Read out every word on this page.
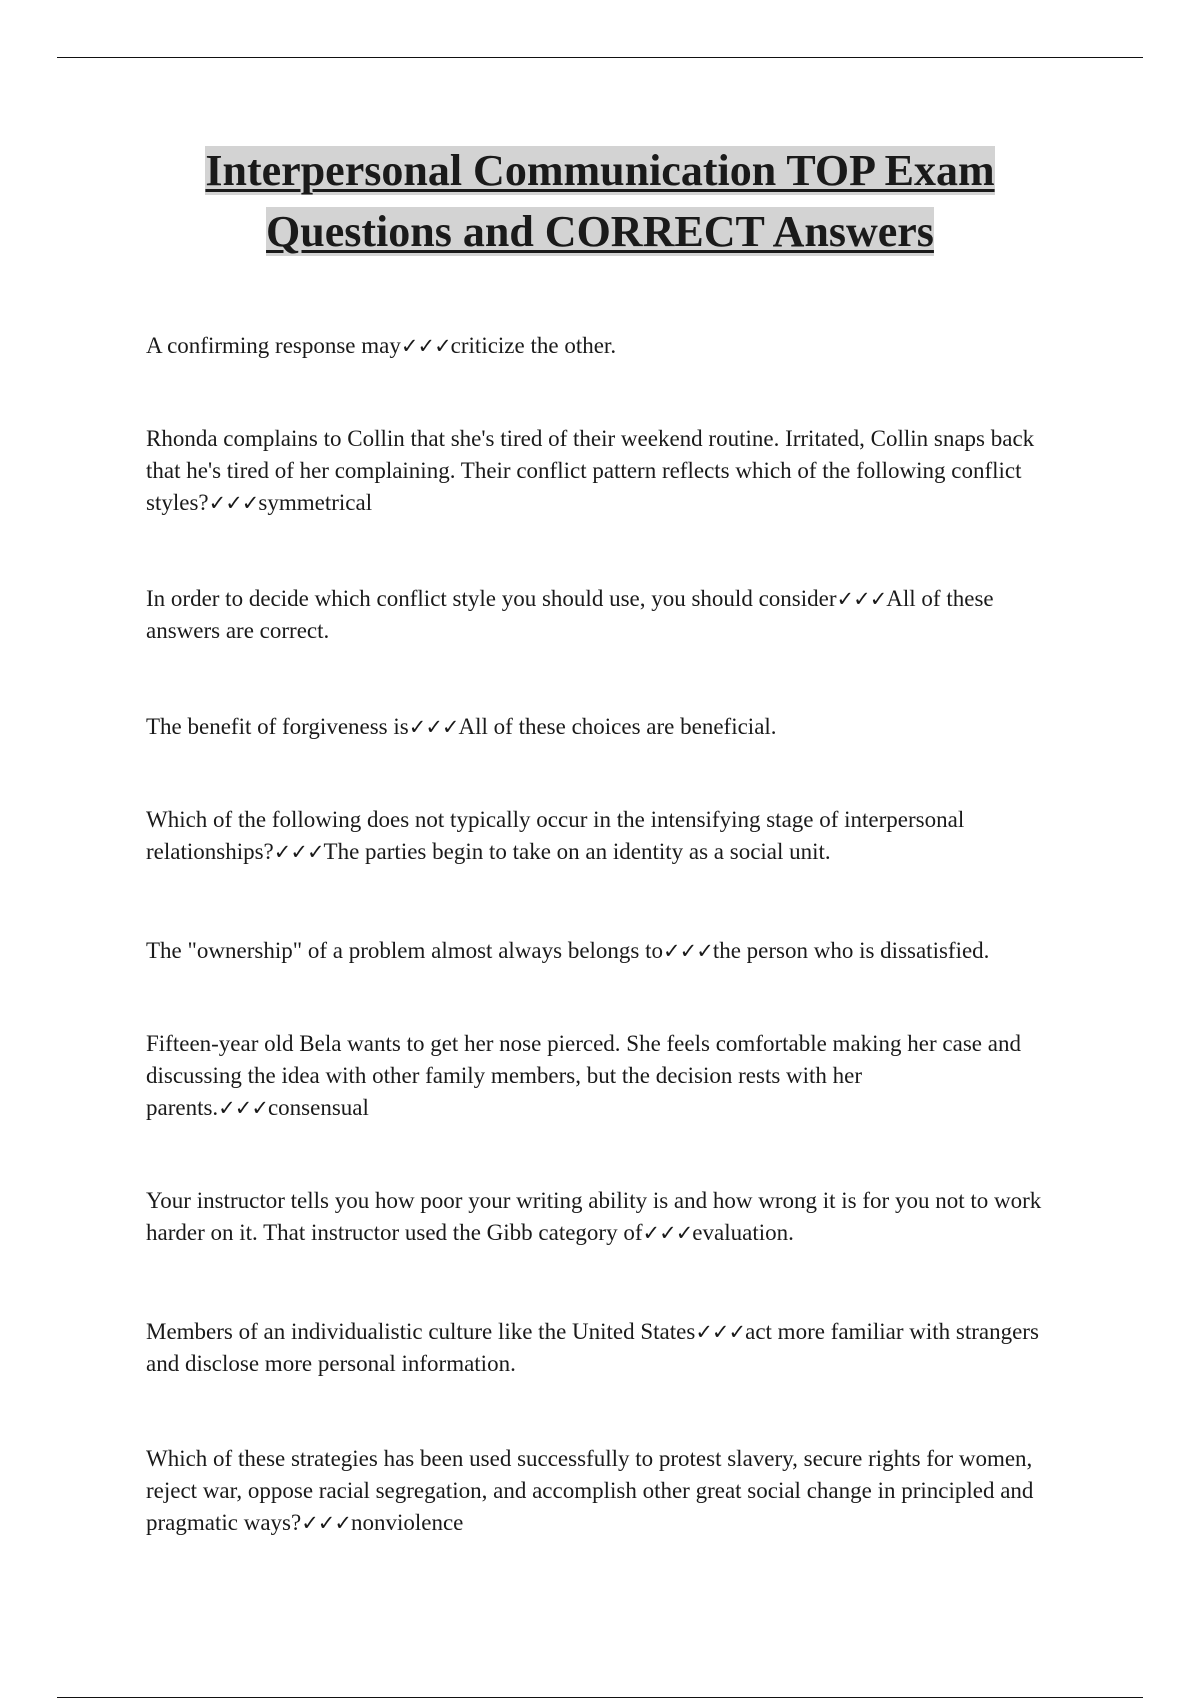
Interpersonal Communication TOP Exam
Questions and CORRECT Answers

A confirming response may✓✓✓criticize the other.

Rhonda complains to Collin that she's tired of their weekend routine. Irritated, Collin snaps back that he's tired of her complaining. Their conflict pattern reflects which of the following conflict styles?✓✓✓symmetrical

In order to decide which conflict style you should use, you should consider✓✓✓All of these answers are correct.

The benefit of forgiveness is✓✓✓All of these choices are beneficial.

Which of the following does not typically occur in the intensifying stage of interpersonal relationships?✓✓✓The parties begin to take on an identity as a social unit.

The "ownership" of a problem almost always belongs to✓✓✓the person who is dissatisfied.

Fifteen-year old Bela wants to get her nose pierced. She feels comfortable making her case and discussing the idea with other family members, but the decision rests with her parents.✓✓✓consensual

Your instructor tells you how poor your writing ability is and how wrong it is for you not to work harder on it. That instructor used the Gibb category of✓✓✓evaluation.

Members of an individualistic culture like the United States✓✓✓act more familiar with strangers and disclose more personal information.

Which of these strategies has been used successfully to protest slavery, secure rights for women, reject war, oppose racial segregation, and accomplish other great social change in principled and pragmatic ways?✓✓✓nonviolence
